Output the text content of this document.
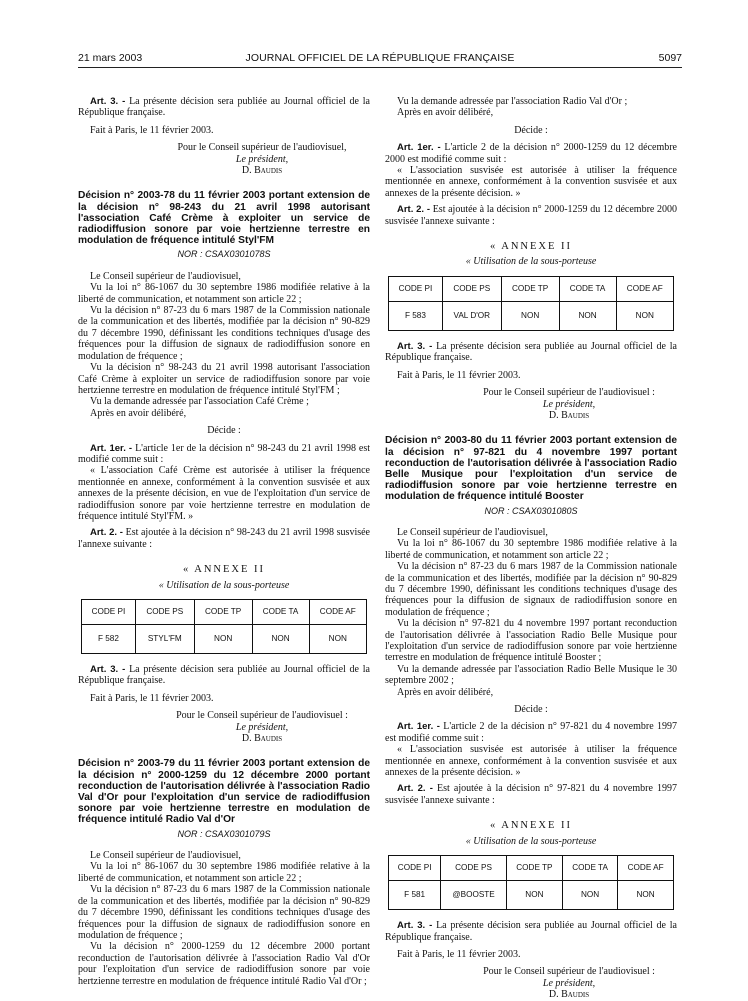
21 mars 2003	JOURNAL OFFICIEL DE LA RÉPUBLIQUE FRANÇAISE	5097

Art. 3. - La présente décision sera publiée au Journal officiel de la République française.

Fait à Paris, le 11 février 2003.

Pour le Conseil supérieur de l'audiovisuel,
Le président,
D. Baudis
Décision n° 2003-78 du 11 février 2003 portant extension de la décision n° 98-243 du 21 avril 1998 autorisant l'association Café Crème à exploiter un service de radiodiffusion sonore par voie hertzienne terrestre en modulation de fréquence intitulé Styl'FM
NOR : CSAX0301078S

Le Conseil supérieur de l'audiovisuel,

Vu la loi n° 86-1067 du 30 septembre 1986 modifiée relative à la liberté de communication, et notamment son article 22 ;

Vu la décision n° 87-23 du 6 mars 1987 de la Commission nationale de la communication et des libertés, modifiée par la décision n° 90-829 du 7 décembre 1990, définissant les conditions techniques d'usage des fréquences pour la diffusion de signaux de radiodiffusion sonore en modulation de fréquence ;

Vu la décision n° 98-243 du 21 avril 1998 autorisant l'association Café Crème à exploiter un service de radiodiffusion sonore par voie hertzienne terrestre en modulation de fréquence intitulé Styl'FM ;

Vu la demande adressée par l'association Café Crème ;

Après en avoir délibéré,

Décide :

Art. 1er. - L'article 1er de la décision n° 98-243 du 21 avril 1998 est modifié comme suit :

« L'association Café Crème est autorisée à utiliser la fréquence mentionnée en annexe, conformément à la convention susvisée et aux annexes de la présente décision, en vue de l'exploitation d'un service de radiodiffusion sonore par voie hertzienne terrestre en modulation de fréquence intitulé Styl'FM. »

Art. 2. - Est ajoutée à la décision n° 98-243 du 21 avril 1998 susvisée l'annexe suivante :

« ANNEXE II
« Utilisation de la sous-porteuse
CODE PI	CODE PS	CODE TP	CODE TA	CODE AF
F 582	STYL'FM	NON	NON	NON

Art. 3. - La présente décision sera publiée au Journal officiel de la République française.

Fait à Paris, le 11 février 2003.

Pour le Conseil supérieur de l'audiovisuel :
Le président,
D. Baudis
Décision n° 2003-79 du 11 février 2003 portant extension de la décision n° 2000-1259 du 12 décembre 2000 portant reconduction de l'autorisation délivrée à l'association Radio Val d'Or pour l'exploitation d'un service de radiodiffusion sonore par voie hertzienne terrestre en modulation de fréquence intitulé Radio Val d'Or
NOR : CSAX0301079S

Le Conseil supérieur de l'audiovisuel,

Vu la loi n° 86-1067 du 30 septembre 1986 modifiée relative à la liberté de communication, et notamment son article 22 ;

Vu la décision n° 87-23 du 6 mars 1987 de la Commission nationale de la communication et des libertés, modifiée par la décision n° 90-829 du 7 décembre 1990, définissant les conditions techniques d'usage des fréquences pour la diffusion de signaux de radiodiffusion sonore en modulation de fréquence ;

Vu la décision n° 2000-1259 du 12 décembre 2000 portant reconduction de l'autorisation délivrée à l'association Radio Val d'Or pour l'exploitation d'un service de radiodiffusion sonore par voie hertzienne terrestre en modulation de fréquence intitulé Radio Val d'Or ;

Vu la demande adressée par l'association Radio Val d'Or ;

Après en avoir délibéré,

Décide :

Art. 1er. - L'article 2 de la décision n° 2000-1259 du 12 décembre 2000 est modifié comme suit :

« L'association susvisée est autorisée à utiliser la fréquence mentionnée en annexe, conformément à la convention susvisée et aux annexes de la présente décision. »

Art. 2. - Est ajoutée à la décision n° 2000-1259 du 12 décembre 2000 susvisée l'annexe suivante :

« ANNEXE II
« Utilisation de la sous-porteuse
CODE PI	CODE PS	CODE TP	CODE TA	CODE AF
F 583	VAL D'OR	NON	NON	NON

Art. 3. - La présente décision sera publiée au Journal officiel de la République française.

Fait à Paris, le 11 février 2003.

Pour le Conseil supérieur de l'audiovisuel :
Le président,
D. Baudis
Décision n° 2003-80 du 11 février 2003 portant extension de la décision n° 97-821 du 4 novembre 1997 portant reconduction de l'autorisation délivrée à l'association Radio Belle Musique pour l'exploitation d'un service de radiodiffusion sonore par voie hertzienne terrestre en modulation de fréquence intitulé Booster
NOR : CSAX0301080S

Le Conseil supérieur de l'audiovisuel,

Vu la loi n° 86-1067 du 30 septembre 1986 modifiée relative à la liberté de communication, et notamment son article 22 ;

Vu la décision n° 87-23 du 6 mars 1987 de la Commission nationale de la communication et des libertés, modifiée par la décision n° 90-829 du 7 décembre 1990, définissant les conditions techniques d'usage des fréquences pour la diffusion de signaux de radiodiffusion sonore en modulation de fréquence ;

Vu la décision n° 97-821 du 4 novembre 1997 portant reconduction de l'autorisation délivrée à l'association Radio Belle Musique pour l'exploitation d'un service de radiodiffusion sonore par voie hertzienne terrestre en modulation de fréquence intitulé Booster ;

Vu la demande adressée par l'association Radio Belle Musique le 30 septembre 2002 ;

Après en avoir délibéré,

Décide :

Art. 1er. - L'article 2 de la décision n° 97-821 du 4 novembre 1997 est modifié comme suit :

« L'association susvisée est autorisée à utiliser la fréquence mentionnée en annexe, conformément à la convention susvisée et aux annexes de la présente décision. »

Art. 2. - Est ajoutée à la décision n° 97-821 du 4 novembre 1997 susvisée l'annexe suivante :

« ANNEXE II
« Utilisation de la sous-porteuse
CODE PI	CODE PS	CODE TP	CODE TA	CODE AF
F 581	@BOOSTE	NON	NON	NON

Art. 3. - La présente décision sera publiée au Journal officiel de la République française.

Fait à Paris, le 11 février 2003.

Pour le Conseil supérieur de l'audiovisuel :
Le président,
D. Baudis
